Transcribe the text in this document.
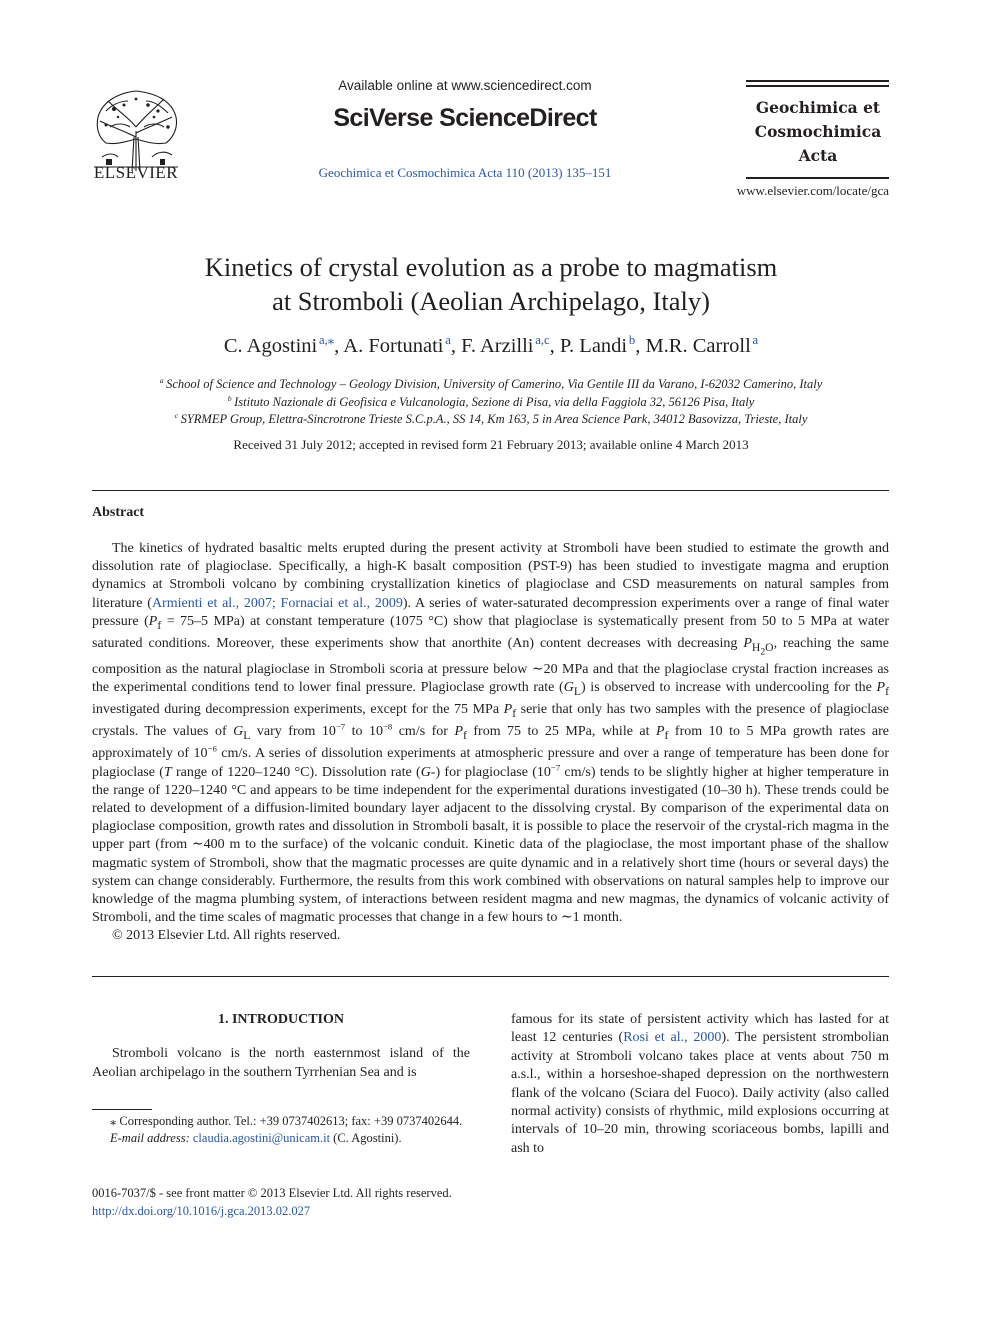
ELSEVIER
Available online at www.sciencedirect.com
SciVerse ScienceDirect
Geochimica et Cosmochimica Acta 110 (2013) 135–151
Geochimica et
Cosmochimica
Acta
www.elsevier.com/locate/gca
Kinetics of crystal evolution as a probe to magmatism
at Stromboli (Aeolian Archipelago, Italy)
C. Agostini  $^{a,⁎}$, A. Fortunati  $^a$, F. Arzilli  $^{a,c}$, P. Landi  $^b$, M.R. Carroll  $^a$
$^a$  School of Science and Technology – Geology Division, University of Camerino, Via Gentile III da Varano, I-62032 Camerino, Italy
$^b$  Istituto Nazionale di Geofisica e Vulcanologia, Sezione di Pisa, via della Faggiola 32, 56126 Pisa, Italy
$^c$  SYRMEP Group, Elettra-Sincrotrone Trieste S.C.p.A., SS 14, Km 163, 5 in Area Science Park, 34012 Basovizza, Trieste, Italy
Received 31 July 2012; accepted in revised form 21 February 2013; available online 4 March 2013
Abstract

The kinetics of hydrated basaltic melts erupted during the present activity at Stromboli have been studied to estimate the growth and dissolution rate of plagioclase. Specifically, a high-K basalt composition (PST-9) has been studied to investigate magma and eruption dynamics at Stromboli volcano by combining crystallization kinetics of plagioclase and CSD measurements on natural samples from literature (Armienti et al., 2007; Fornaciai et al., 2009). A series of water-saturated decompression experiments over a range of final water pressure ($P_f = 75-5$ MPa) at constant temperature (1075 °C) show that plagioclase is systematically present from 50 to 5 MPa at water saturated conditions. Moreover, these experiments show that anorthite (An) content decreases with decreasing $P_{H_2O}$, reaching the same composition as the natural plagioclase in Stromboli scoria at pressure below ∼20 MPa and that the plagioclase crystal fraction increases as the experimental conditions tend to lower final pressure. Plagioclase growth rate $(G_L)$ is observed to increase with undercooling for the $P_f$ investigated during decompression experiments, except for the 75 MPa $P_f$ serie that only has two samples with the presence of plagioclase crystals. The values of $G_L$ vary from $10^{-7}$ to $10^{-8}$ cm/s for $P_f$ from 75 to 25 MPa, while at $P_f$ from 10 to 5 MPa growth rates are approximately of $10^{-6}$ cm/s. A series of dissolution experiments at atmospheric pressure and over a range of temperature has been done for plagioclase (T range of 1220–1240 °C). Dissolution rate (G-) for plagioclase ($10^{-7}$ cm/s) tends to be slightly higher at higher temperature in the range of 1220–1240 °C and appears to be time independent for the experimental durations investigated (10–30 h). These trends could be related to development of a diffusion-limited boundary layer adjacent to the dissolving crystal. By comparison of the experimental data on plagioclase composition, growth rates and dissolution in Stromboli basalt, it is possible to place the reservoir of the crystal-rich magma in the upper part (from ∼400 m to the surface) of the volcanic conduit. Kinetic data of the plagioclase, the most important phase of the shallow magmatic system of Stromboli, show that the magmatic processes are quite dynamic and in a relatively short time (hours or several days) the system can change considerably. Furthermore, the results from this work combined with observations on natural samples help to improve our knowledge of the magma plumbing system, of interactions between resident magma and new magmas, the dynamics of volcanic activity of Stromboli, and the time scales of magmatic processes that change in a few hours to ∼1 month.

© 2013 Elsevier Ltd. All rights reserved.

1. INTRODUCTION

Stromboli volcano is the north easternmost island of the Aeolian archipelago in the southern Tyrrhenian Sea and is

famous for its state of persistent activity which has lasted for at least 12 centuries (Rosi et al., 2000). The persistent strombolian activity at Stromboli volcano takes place at vents about 750 m a.s.l., within a horseshoe-shaped depression on the northwestern flank of the volcano (Sciara del Fuoco). Daily activity (also called normal activity) consists of rhythmic, mild explosions occurring at intervals of 10–20 min, throwing scoriaceous bombs, lapilli and ash to

⁎ Corresponding author. Tel.: +39 0737402613; fax: +39 0737402644.

E-mail address: claudia.agostini@unicam.it (C. Agostini).

0016-7037/$ - see front matter © 2013 Elsevier Ltd. All rights reserved.
http://dx.doi.org/10.1016/j.gca.2013.02.027
